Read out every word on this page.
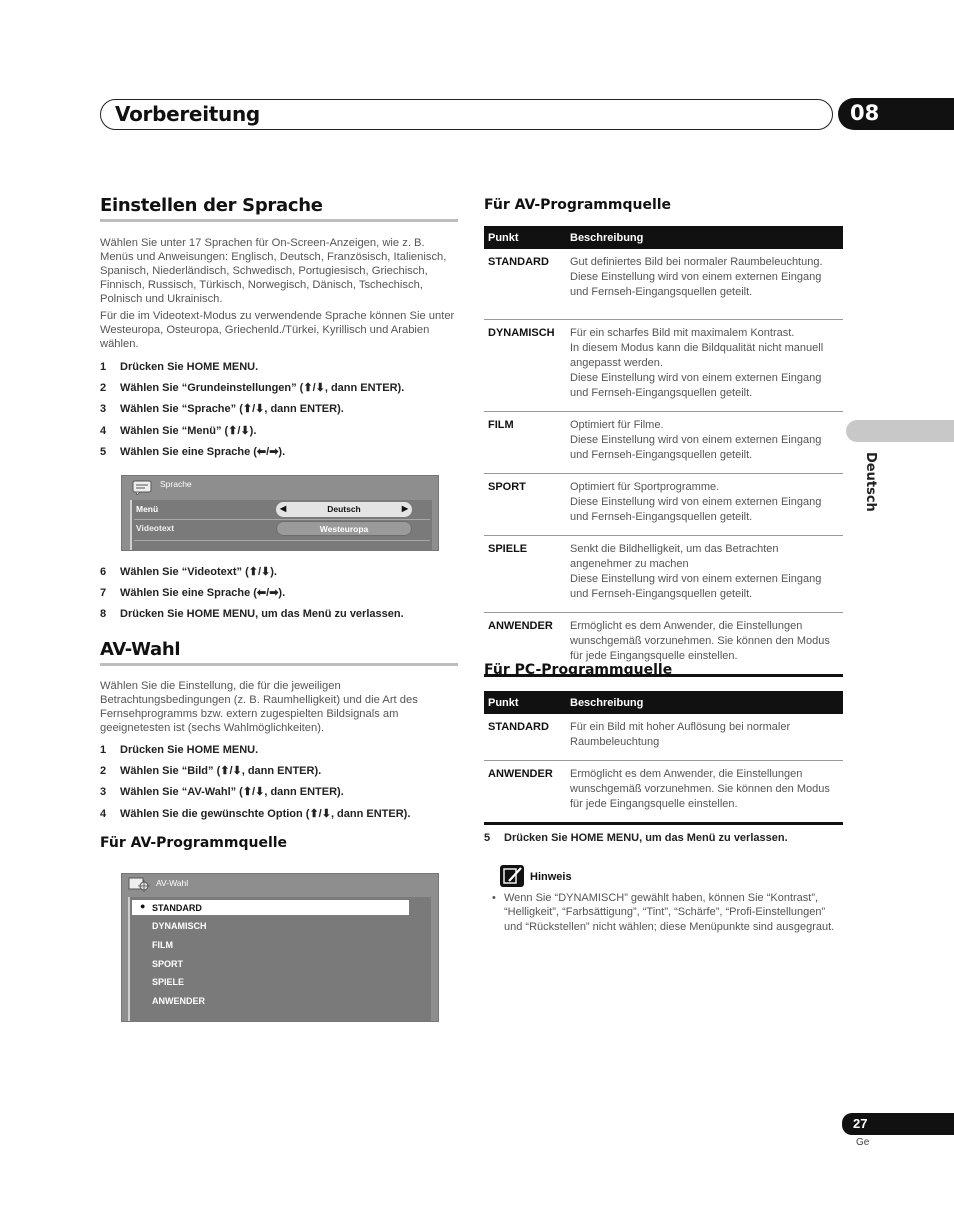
Vorbereitung	08
Deutsch
Einstellen der Sprache
Wählen Sie unter 17 Sprachen für On-Screen-Anzeigen, wie z. B. Menüs und Anweisungen: Englisch, Deutsch, Französisch, Italienisch, Spanisch, Niederländisch, Schwedisch, Portugiesisch, Griechisch, Finnisch, Russisch, Türkisch, Norwegisch, Dänisch, Tschechisch, Polnisch und Ukrainisch.
Für die im Videotext-Modus zu verwendende Sprache können Sie unter Westeuropa, Osteuropa, Griechenld./Türkei, Kyrillisch und Arabien wählen.
1 Drücken Sie HOME MENU.
2 Wählen Sie “Grundeinstellungen” (⬆/⬇, dann ENTER).
3 Wählen Sie “Sprache” (⬆/⬇, dann ENTER).
4 Wählen Sie “Menü” (⬆/⬇).
5 Wählen Sie eine Sprache (⬅/➡).
Sprache
Menü	◀	Deutsch	▶
Videotext	Westeuropa
6 Wählen Sie “Videotext” (⬆/⬇).
7 Wählen Sie eine Sprache (⬅/➡).
8 Drücken Sie HOME MENU, um das Menü zu verlassen.
AV-Wahl
Wählen Sie die Einstellung, die für die jeweiligen Betrachtungsbedingungen (z. B. Raumhelligkeit) und die Art des Fernsehprogramms bzw. extern zugespielten Bildsignals am geeignetesten ist (sechs Wahlmöglichkeiten).
1 Drücken Sie HOME MENU.
2 Wählen Sie “Bild” (⬆/⬇, dann ENTER).
3 Wählen Sie “AV-Wahl” (⬆/⬇, dann ENTER).
4 Wählen Sie die gewünschte Option (⬆/⬇, dann ENTER).
Für AV-Programmquelle
AV-Wahl
● STANDARD
DYNAMISCH
FILM
SPORT
SPIELE
ANWENDER
Für AV-Programmquelle
Punkt	Beschreibung
STANDARD	Gut definiertes Bild bei normaler Raumbeleuchtung.
Diese Einstellung wird von einem externen Eingang und Fernseh-Eingangsquellen geteilt.
DYNAMISCH	Für ein scharfes Bild mit maximalem Kontrast.
In diesem Modus kann die Bildqualität nicht manuell angepasst werden.
Diese Einstellung wird von einem externen Eingang und Fernseh-Eingangsquellen geteilt.
FILM	Optimiert für Filme.
Diese Einstellung wird von einem externen Eingang und Fernseh-Eingangsquellen geteilt.
SPORT	Optimiert für Sportprogramme.
Diese Einstellung wird von einem externen Eingang und Fernseh-Eingangsquellen geteilt.
SPIELE	Senkt die Bildhelligkeit, um das Betrachten angenehmer zu machen
Diese Einstellung wird von einem externen Eingang und Fernseh-Eingangsquellen geteilt.
ANWENDER	Ermöglicht es dem Anwender, die Einstellungen wunschgemäß vorzunehmen. Sie können den Modus für jede Eingangsquelle einstellen.
Für PC-Programmquelle
Punkt	Beschreibung
STANDARD	Für ein Bild mit hoher Auflösung bei normaler Raumbeleuchtung
ANWENDER	Ermöglicht es dem Anwender, die Einstellungen wunschgemäß vorzunehmen. Sie können den Modus für jede Eingangsquelle einstellen.
5 Drücken Sie HOME MENU, um das Menü zu verlassen.
Hinweis
• Wenn Sie “DYNAMISCH” gewählt haben, können Sie “Kontrast”, “Helligkeit”, “Farbsättigung”, “Tint”, “Schärfe”, “Profi-Einstellungen” und “Rückstellen” nicht wählen; diese Menüpunkte sind ausgegraut.
27
Ge
